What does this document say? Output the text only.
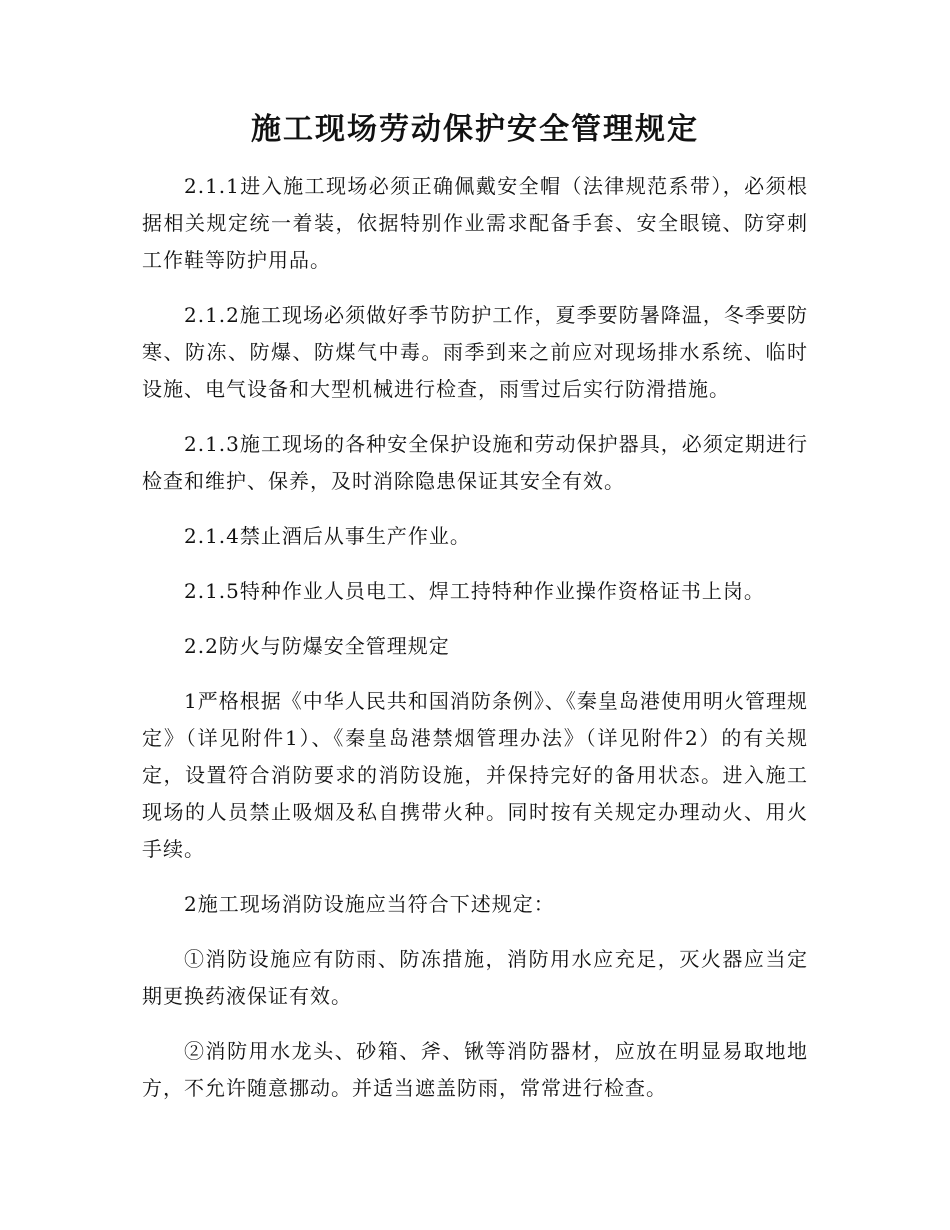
施工现场劳动保护安全管理规定

2.1.1进入施工现场必须正确佩戴安全帽（法律规范系带），必须根据相关规定统一着装，依据特别作业需求配备手套、安全眼镜、防穿刺工作鞋等防护用品。

2.1.2施工现场必须做好季节防护工作，夏季要防暑降温，冬季要防寒、防冻、防爆、防煤气中毒。雨季到来之前应对现场排水系统、临时设施、电气设备和大型机械进行检查，雨雪过后实行防滑措施。

2.1.3施工现场的各种安全保护设施和劳动保护器具，必须定期进行检查和维护、保养，及时消除隐患保证其安全有效。

2.1.4禁止酒后从事生产作业。

2.1.5特种作业人员电工、焊工持特种作业操作资格证书上岗。

2.2防火与防爆安全管理规定

1严格根据《中华人民共和国消防条例》、《秦皇岛港使用明火管理规定》（详见附件1）、《秦皇岛港禁烟管理办法》（详见附件2）的有关规定，设置符合消防要求的消防设施，并保持完好的备用状态。进入施工现场的人员禁止吸烟及私自携带火种。同时按有关规定办理动火、用火手续。

2施工现场消防设施应当符合下述规定：

①消防设施应有防雨、防冻措施，消防用水应充足，灭火器应当定期更换药液保证有效。

②消防用水龙头、砂箱、斧、锹等消防器材，应放在明显易取地地方，不允许随意挪动。并适当遮盖防雨，常常进行检查。
